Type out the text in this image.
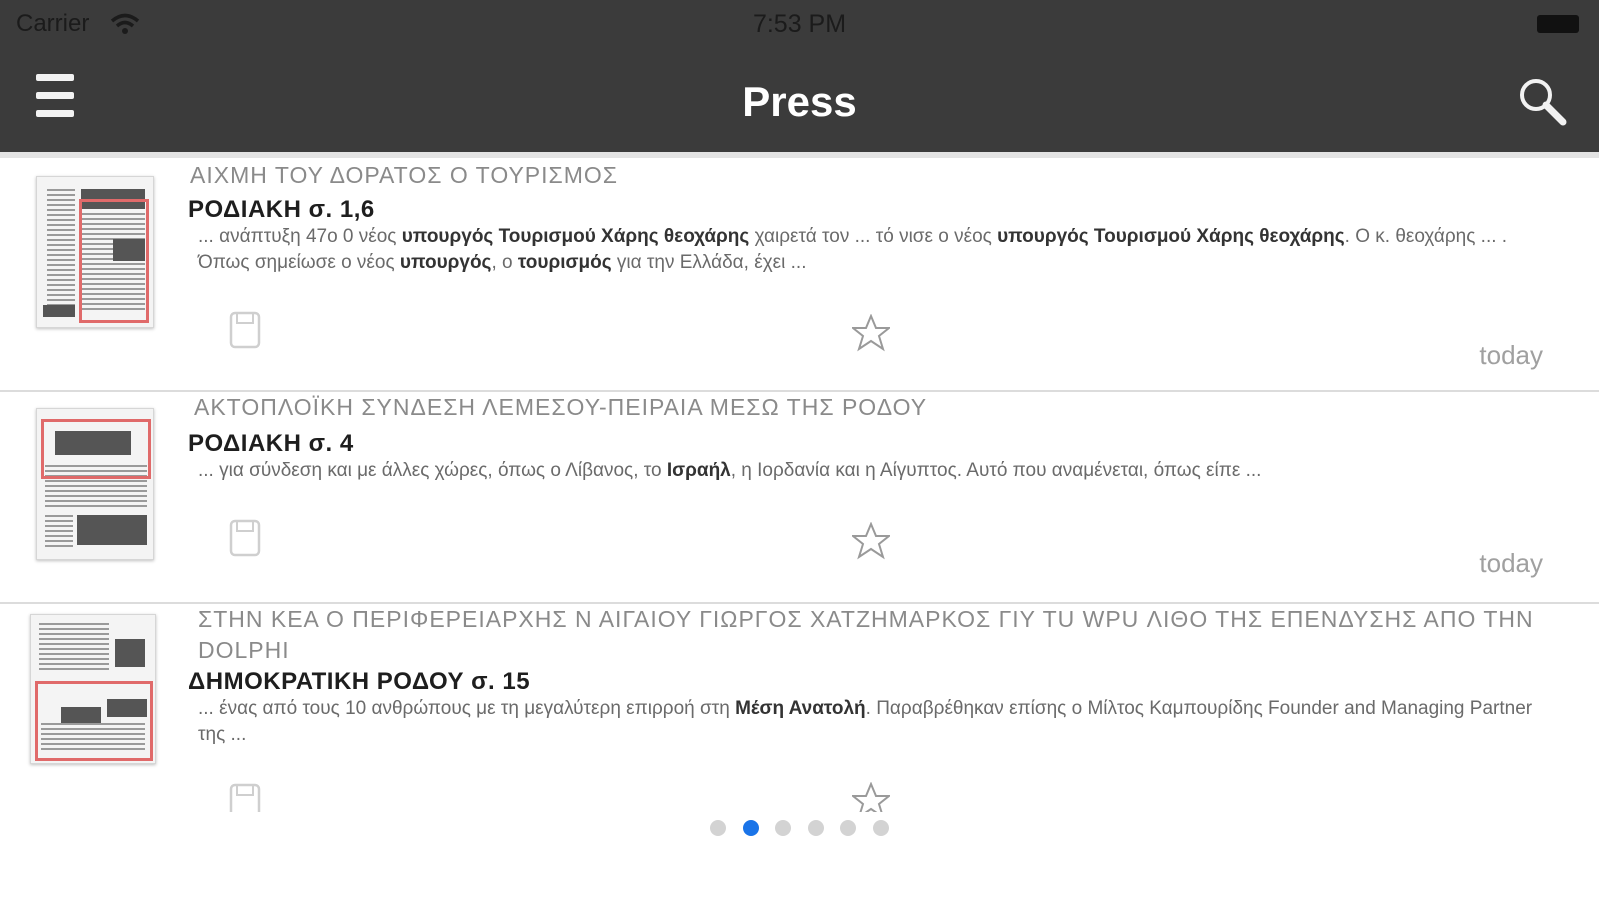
Carrier	7:53 PM
Press
ΑΙΧΜΗ ΤΟΥ ΔΟΡΑΤΟΣ Ο ΤΟΥΡΙΣΜΟΣ
ΡΟΔΙΑΚΗ σ. 1,6
... ανάπτυξη 47ο 0 νέος υπουργός Τουρισμού Χάρης θεοχάρης χαιρετά τον ... τό νισε ο νέος υπουργός Τουρισμού Χάρης θεοχάρης. Ο κ. θεοχάρης ... . Όπως σημείωσε ο νέος υπουργός, ο τουρισμός για την Ελλάδα, έχει ...
today
ΑΚΤΟΠΛΟΪΚΗ ΣΥΝΔΕΣΗ ΛΕΜΕΣΟΥ-ΠΕΙΡΑΙΑ ΜΕΣΩ ΤΗΣ ΡΟΔΟΥ
ΡΟΔΙΑΚΗ σ. 4
... για σύνδεση και με άλλες χώρες, όπως ο Λίβανος, το Ισραήλ, η Ιορδανία και η Αίγυπτος. Αυτό που αναμένεται, όπως είπε ...
today
ΣΤΗΝ ΚΕΑ Ο ΠΕΡΙΦΕΡΕΙΑΡΧΗΣ Ν ΑΙΓΑΙΟΥ ΓΙΩΡΓΟΣ ΧΑΤΖΗΜΑΡΚΟΣ ΓΙΥ ΤU WPU ΛΙΘΟ ΤΗΣ ΕΠΕΝΔΥΣΗΣ ΑΠΟ ΤΗΝ DOLPHI
ΔΗΜΟΚΡΑΤΙΚΗ ΡΟΔΟΥ σ. 15
... ένας από τους 10 ανθρώπους με τη μεγαλύτερη επιρροή στη Μέση Ανατολή. Παραβρέθηκαν επίσης ο Μίλτος Καμπουρίδης Founder and Managing Partner της ...
